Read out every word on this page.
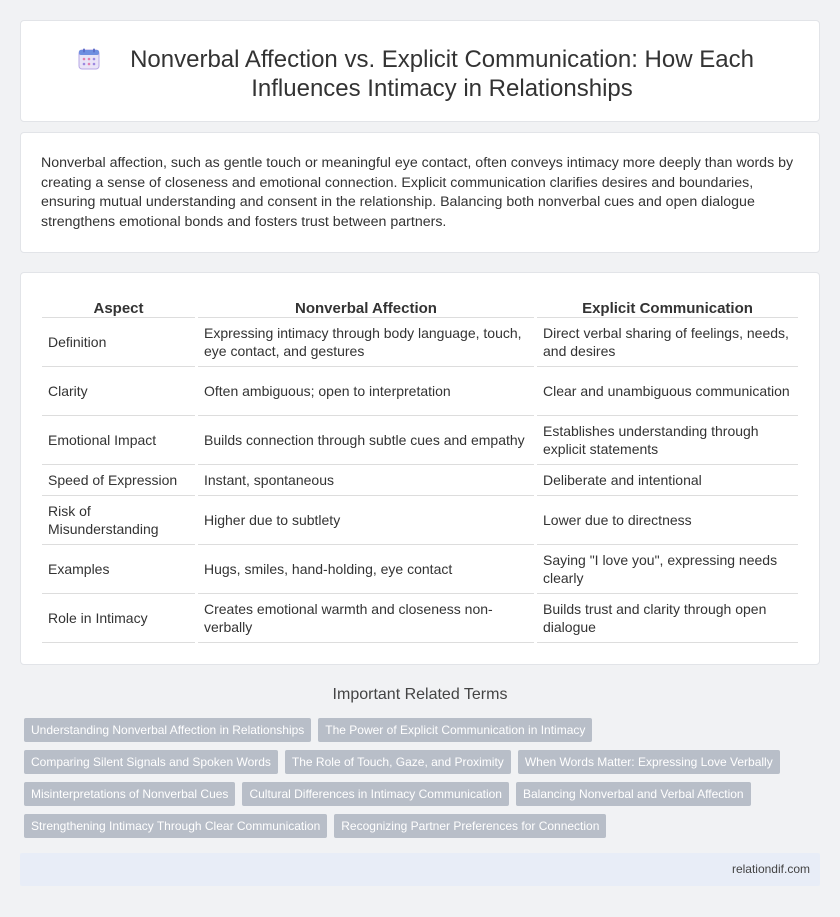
Nonverbal Affection vs. Explicit Communication: How Each Influences Intimacy in Relationships

Nonverbal affection, such as gentle touch or meaningful eye contact, often conveys intimacy more deeply than words by creating a sense of closeness and emotional connection. Explicit communication clarifies desires and boundaries, ensuring mutual understanding and consent in the relationship. Balancing both nonverbal cues and open dialogue strengthens emotional bonds and fosters trust between partners.

Aspect		Nonverbal Affection		Explicit Communication
Definition		Expressing intimacy through body language, touch, eye contact, and gestures		Direct verbal sharing of feelings, needs, and desires
Clarity		Often ambiguous; open to interpretation		Clear and unambiguous communication
Emotional Impact		Builds connection through subtle cues and empathy		Establishes understanding through explicit statements
Speed of Expression		Instant, spontaneous		Deliberate and intentional
Risk of Misunderstanding		Higher due to subtlety		Lower due to directness
Examples		Hugs, smiles, hand-holding, eye contact		Saying "I love you", expressing needs clearly
Role in Intimacy		Creates emotional warmth and closeness non-verbally		Builds trust and clarity through open dialogue
Important Related Terms
Understanding Nonverbal Affection in Relationships	The Power of Explicit Communication in Intimacy
Comparing Silent Signals and Spoken Words	The Role of Touch, Gaze, and Proximity	When Words Matter: Expressing Love Verbally
Misinterpretations of Nonverbal Cues	Cultural Differences in Intimacy Communication	Balancing Nonverbal and Verbal Affection
Strengthening Intimacy Through Clear Communication	Recognizing Partner Preferences for Connection
relationdif.com
